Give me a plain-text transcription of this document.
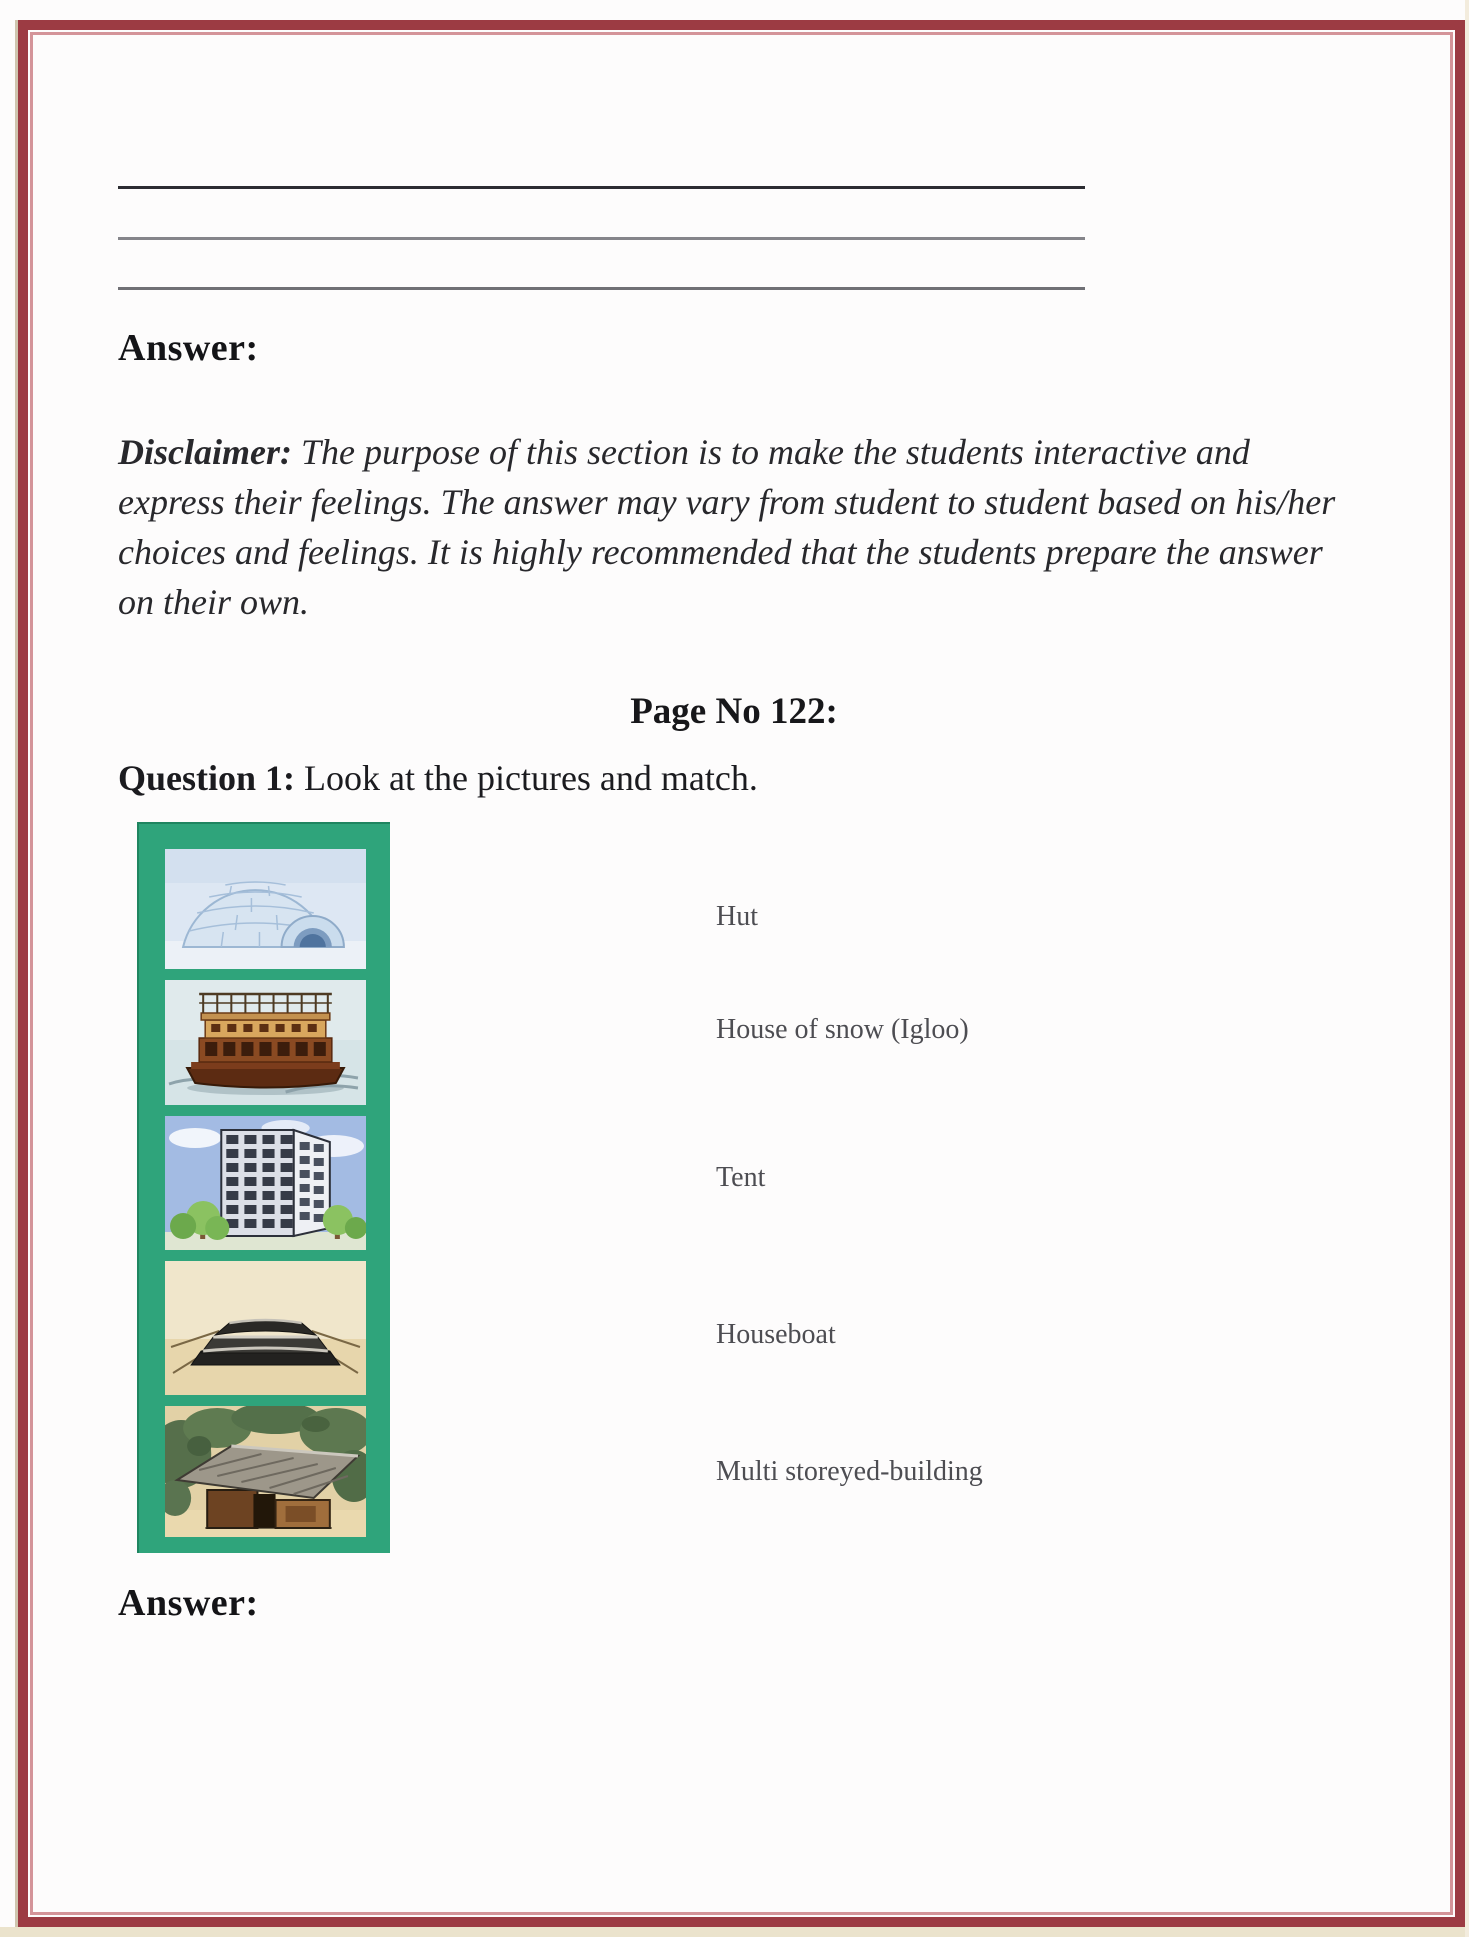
Answer:

Disclaimer: The purpose of this section is to make the students interactive and express their feelings. The answer may vary from student to student based on his/her choices and feelings. It is highly recommended that the students prepare the answer on their own.

Page No 122:
Question 1: Look at the pictures and match.
Hut
House of snow (Igloo)
Tent
Houseboat
Multi storeyed-building
Answer:
